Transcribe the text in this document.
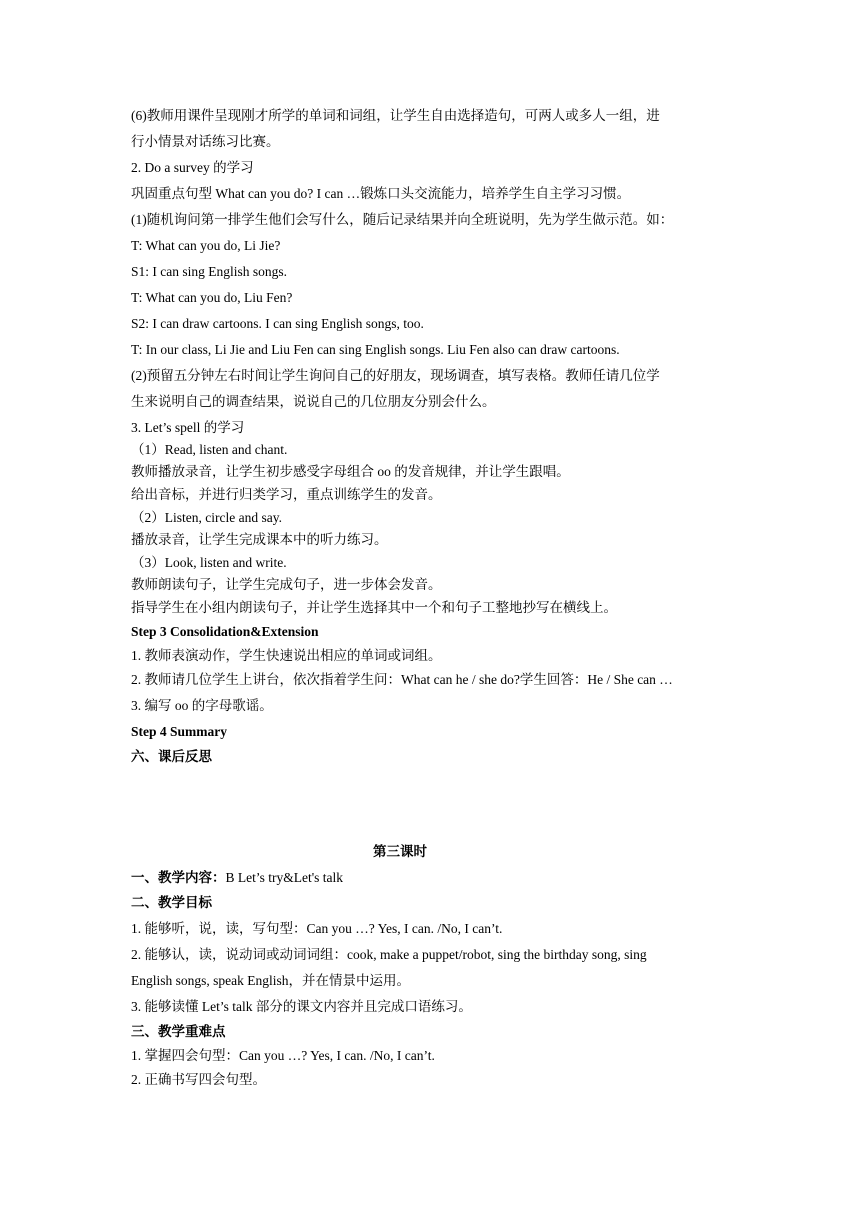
(6)教师用课件呈现刚才所学的单词和词组，让学生自由选择造句，可两人或多人一组，进
行小情景对话练习比赛。
2. Do a survey 的学习
巩固重点句型 What can you do? I can …锻炼口头交流能力，培养学生自主学习习惯。
(1)随机询问第一排学生他们会写什么，随后记录结果并向全班说明，先为学生做示范。如：
T: What can you do, Li Jie?
S1: I can sing English songs.
T: What can you do, Liu Fen?
S2: I can draw cartoons. I can sing English songs, too.
T: In our class, Li Jie and Liu Fen can sing English songs. Liu Fen also can draw cartoons.
(2)预留五分钟左右时间让学生询问自己的好朋友，现场调查，填写表格。教师任请几位学
生来说明自己的调查结果，说说自己的几位朋友分别会什么。
3. Let’s spell 的学习
（1）Read, listen and chant.
教师播放录音，让学生初步感受字母组合 oo 的发音规律，并让学生跟唱。
给出音标，并进行归类学习，重点训练学生的发音。
（2）Listen, circle and say.
播放录音，让学生完成课本中的听力练习。
（3）Look, listen and write.
教师朗读句子，让学生完成句子，进一步体会发音。
指导学生在小组内朗读句子，并让学生选择其中一个和句子工整地抄写在横线上。
Step 3 Consolidation&Extension
1. 教师表演动作，学生快速说出相应的单词或词组。
2. 教师请几位学生上讲台，依次指着学生问：What can he / she do?学生回答：He / She can …
3. 编写 oo 的字母歌谣。
Step 4 Summary
六、课后反思
第三课时
一、教学内容：B Let’s try&Let's talk
二、教学目标
1. 能够听，说，读，写句型：Can you …? Yes, I can. /No, I can’t.
2. 能够认，读，说动词或动词词组：cook, make a puppet/robot, sing the birthday song, sing
English songs, speak English，并在情景中运用。
3. 能够读懂 Let’s talk 部分的课文内容并且完成口语练习。
三、教学重难点
1. 掌握四会句型：Can you …? Yes, I can. /No, I can’t.
2. 正确书写四会句型。
